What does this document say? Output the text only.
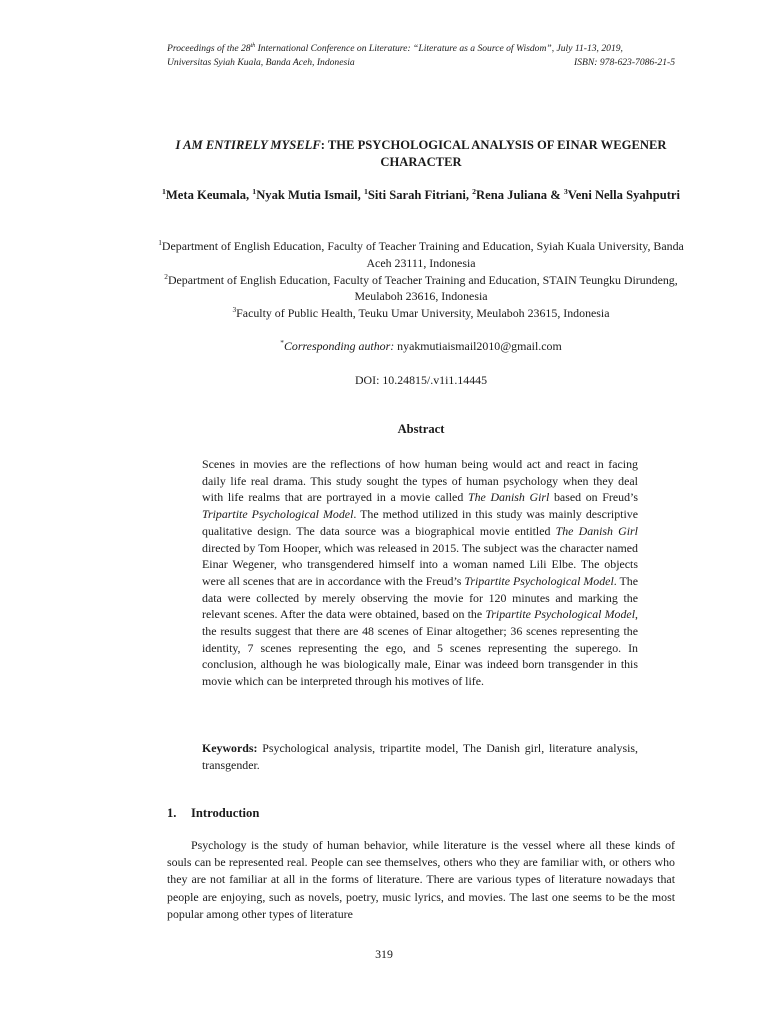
Proceedings of the 28th International Conference on Literature: “Literature as a Source of Wisdom”, July 11-13, 2019,
Universitas Syiah Kuala, Banda Aceh, Indonesia	ISBN: 978-623-7086-21-5
I AM ENTIRELY MYSELF: THE PSYCHOLOGICAL ANALYSIS OF EINAR WEGENER CHARACTER
$^1$Meta Keumala, $^1$Nyak Mutia Ismail, $^1$Siti Sarah Fitriani, $^2$Rena Juliana & $^3$Veni Nella Syahputri
$^1$Department of English Education, Faculty of Teacher Training and Education, Syiah Kuala University, Banda Aceh 23111, Indonesia
$^2$Department of English Education, Faculty of Teacher Training and Education, STAIN Teungku Dirundeng, Meulaboh 23616, Indonesia
$^3$Faculty of Public Health, Teuku Umar University, Meulaboh 23615, Indonesia
*Corresponding author: nyakmutiaismail2010@gmail.com
DOI: 10.24815/.v1i1.14445
Abstract
Scenes in movies are the reflections of how human being would act and react in facing daily life real drama. This study sought the types of human psychology when they deal with life realms that are portrayed in a movie called The Danish Girl based on Freud’s Tripartite Psychological Model. The method utilized in this study was mainly descriptive qualitative design. The data source was a biographical movie entitled The Danish Girl directed by Tom Hooper, which was released in 2015. The subject was the character named Einar Wegener, who transgendered himself into a woman named Lili Elbe. The objects were all scenes that are in accordance with the Freud’s Tripartite Psychological Model. The data were collected by merely observing the movie for 120 minutes and marking the relevant scenes. After the data were obtained, based on the Tripartite Psychological Model, the results suggest that there are 48 scenes of Einar altogether; 36 scenes representing the identity, 7 scenes representing the ego, and 5 scenes representing the superego. In conclusion, although he was biologically male, Einar was indeed born transgender in this movie which can be interpreted through his motives of life.
Keywords: Psychological analysis, tripartite model, The Danish girl, literature analysis, transgender.
1. Introduction
Psychology is the study of human behavior, while literature is the vessel where all these kinds of souls can be represented real. People can see themselves, others who they are familiar with, or others who they are not familiar at all in the forms of literature. There are various types of literature nowadays that people are enjoying, such as novels, poetry, music lyrics, and movies. The last one seems to be the most popular among other types of literature
319
